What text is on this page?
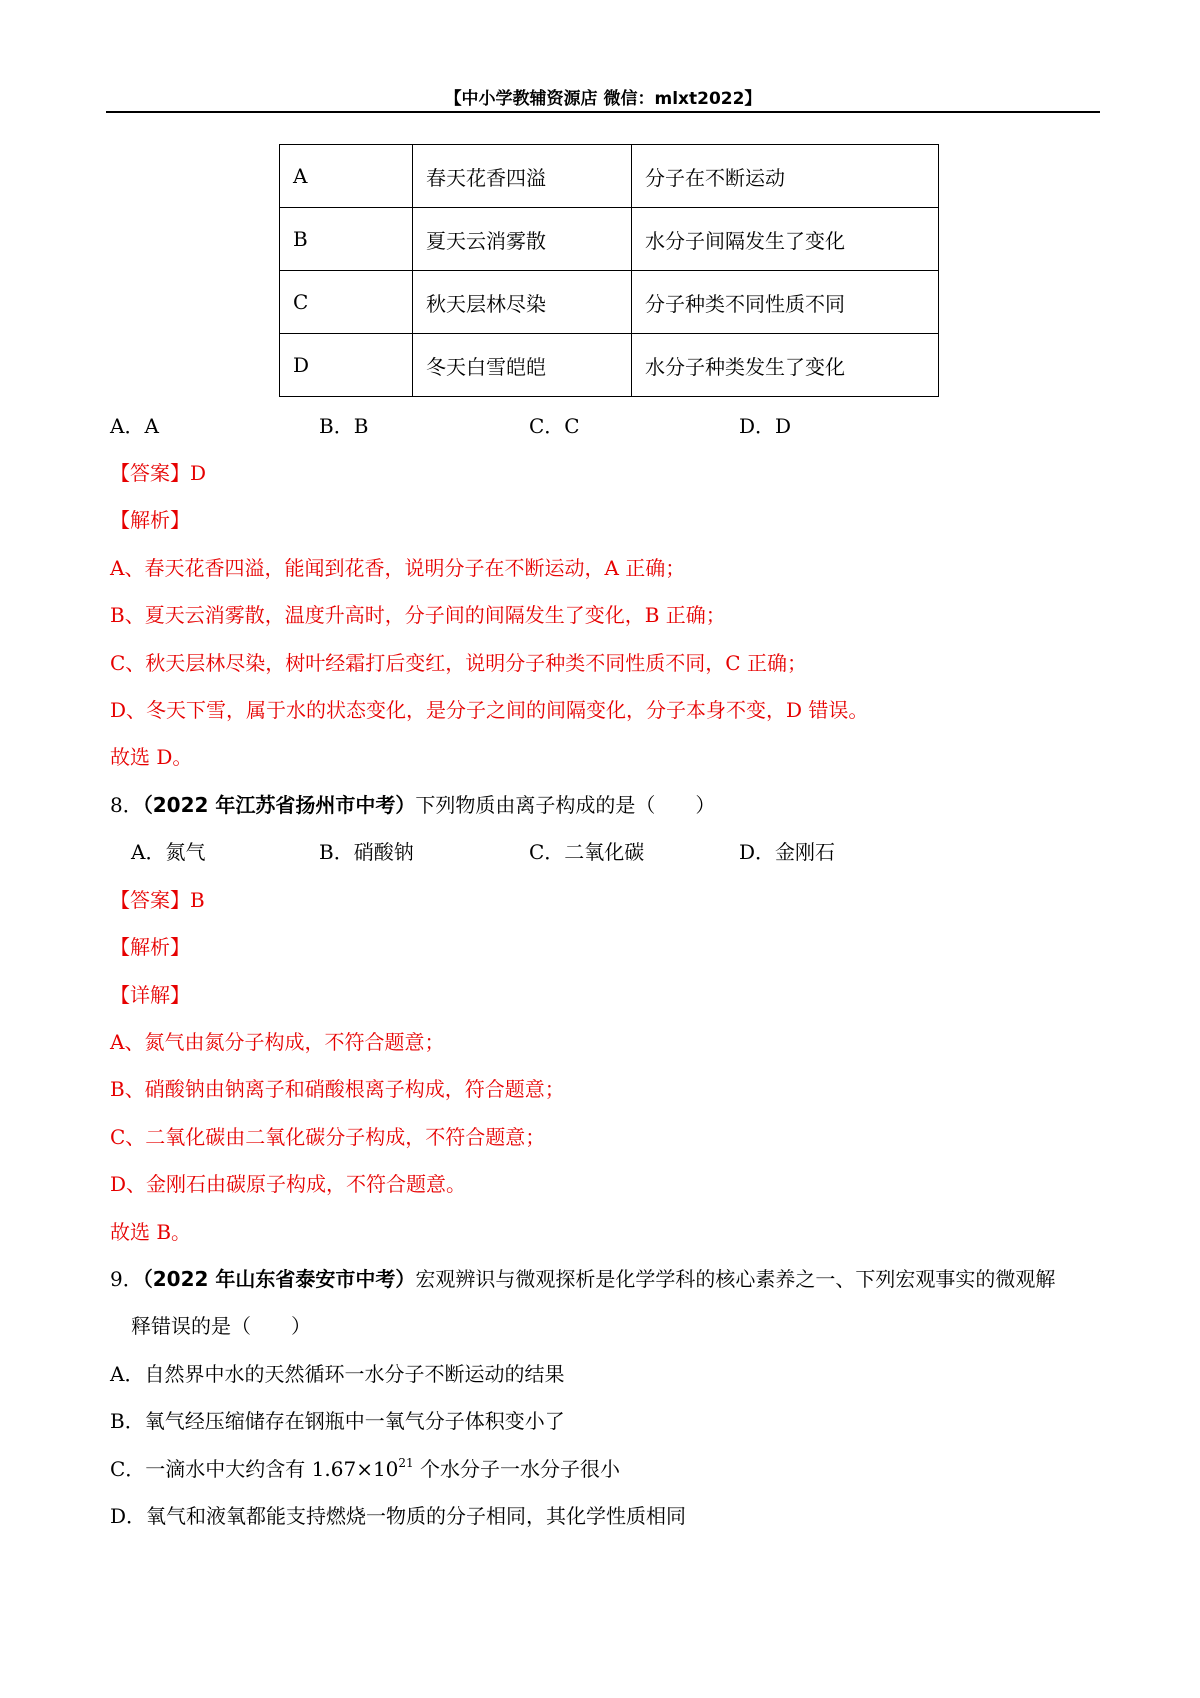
【中小学教辅资源店 微信：mlxt2022】
A	春天花香四溢	分子在不断运动
B	夏天云消雾散	水分子间隔发生了变化
C	秋天层林尽染	分子种类不同性质不同
D	冬天白雪皑皑	水分子种类发生了变化
A．A	B．B	C．C	D．D
【答案】D
【解析】
A、春天花香四溢，能闻到花香，说明分子在不断运动，A 正确；
B、夏天云消雾散，温度升高时，分子间的间隔发生了变化，B 正确；
C、秋天层林尽染，树叶经霜打后变红，说明分子种类不同性质不同，C 正确；
D、冬天下雪，属于水的状态变化，是分子之间的间隔变化，分子本身不变，D 错误。
故选 D。
8．（2022 年江苏省扬州市中考）下列物质由离子构成的是（　　）
A．氮气	B．硝酸钠	C．二氧化碳	D．金刚石
【答案】B
【解析】
【详解】
A、氮气由氮分子构成，不符合题意；
B、硝酸钠由钠离子和硝酸根离子构成，符合题意；
C、二氧化碳由二氧化碳分子构成，不符合题意；
D、金刚石由碳原子构成，不符合题意。
故选 B。
9．（2022 年山东省泰安市中考）宏观辨识与微观探析是化学学科的核心素养之一、下列宏观事实的微观解
释错误的是（　　）
A．自然界中水的天然循环一水分子不断运动的结果
B．氧气经压缩储存在钢瓶中一氧气分子体积变小了
C．一滴水中大约含有 $1.67\times 10^{21}$ 个水分子一水分子很小
D．氧气和液氧都能支持燃烧一物质的分子相同，其化学性质相同
